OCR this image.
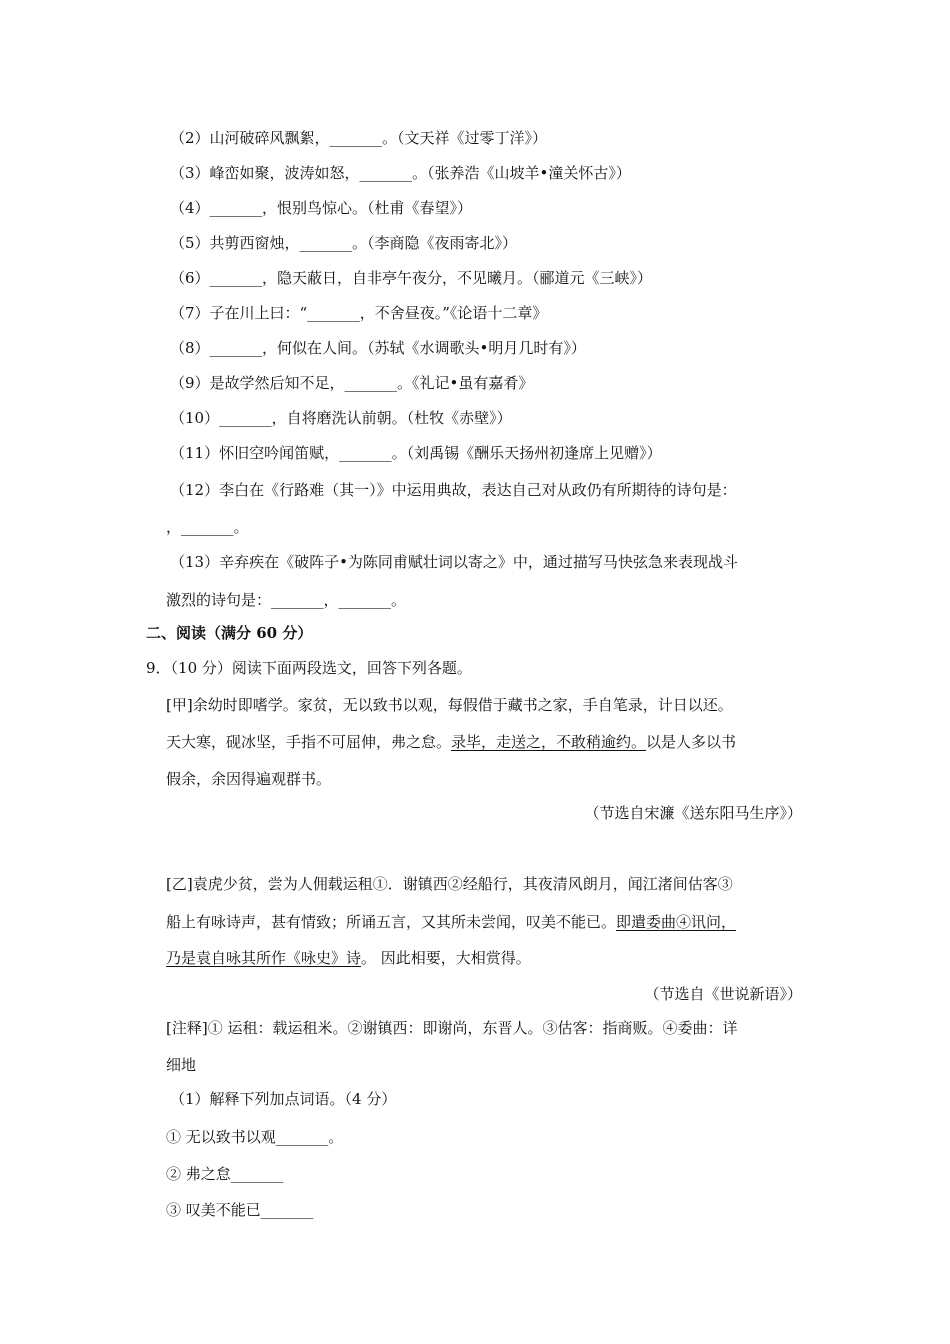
（2）山河破碎风飘絮，_______。（文天祥《过零丁洋》）
（3）峰峦如聚，波涛如怒，_______。（张养浩《山坡羊•潼关怀古》）
（4）_______，恨别鸟惊心。（杜甫《春望》）
（5）共剪西窗烛，_______。（李商隐《夜雨寄北》）
（6）_______，隐天蔽日，自非亭午夜分，不见曦月。（郦道元《三峡》）
（7）子在川上曰：“_______，不舍昼夜。”《论语十二章》
（8）_______，何似在人间。（苏轼《水调歌头•明月几时有》）
（9）是故学然后知不足，_______。《礼记•虽有嘉肴》
（10）_______，自将磨洗认前朝。（杜牧《赤壁》）
（11）怀旧空吟闻笛赋，_______。（刘禹锡《酬乐天扬州初逢席上见赠》）
（12）李白在《行路难（其一）》中运用典故，表达自己对从政仍有所期待的诗句是：
，_______。
（13）辛弃疾在《破阵子•为陈同甫赋壮词以寄之》中，通过描写马快弦急来表现战斗
激烈的诗句是：_______，_______。
二、阅读（满分 60 分）
9．（10 分）阅读下面两段选文，回答下列各题。
[甲]余幼时即嗜学。家贫，无以致书以观，每假借于藏书之家，手自笔录，计日以还。
天大寒，砚冰坚，手指不可屈伸，弗之怠。录毕，走送之，不敢稍逾约。以是人多以书
假余，余因得遍观群书。
（节选自宋濂《送东阳马生序》）
[乙]袁虎少贫，尝为人佣载运租①．谢镇西②经船行，其夜清风朗月，闻江渚间估客③
船上有咏诗声，甚有情致；所诵五言，又其所未尝闻，叹美不能已。即遣委曲④讯问，
乃是袁自咏其所作《咏史》诗。 因此相要，大相赏得。
（节选自《世说新语》）
[注释]① 运租：载运租米。②谢镇西：即谢尚，东晋人。③估客：指商贩。④委曲：详
细地
（1）解释下列加点词语。（4 分）
① 无以致书以观_______。
② 弗之怠_______
③ 叹美不能已_______
